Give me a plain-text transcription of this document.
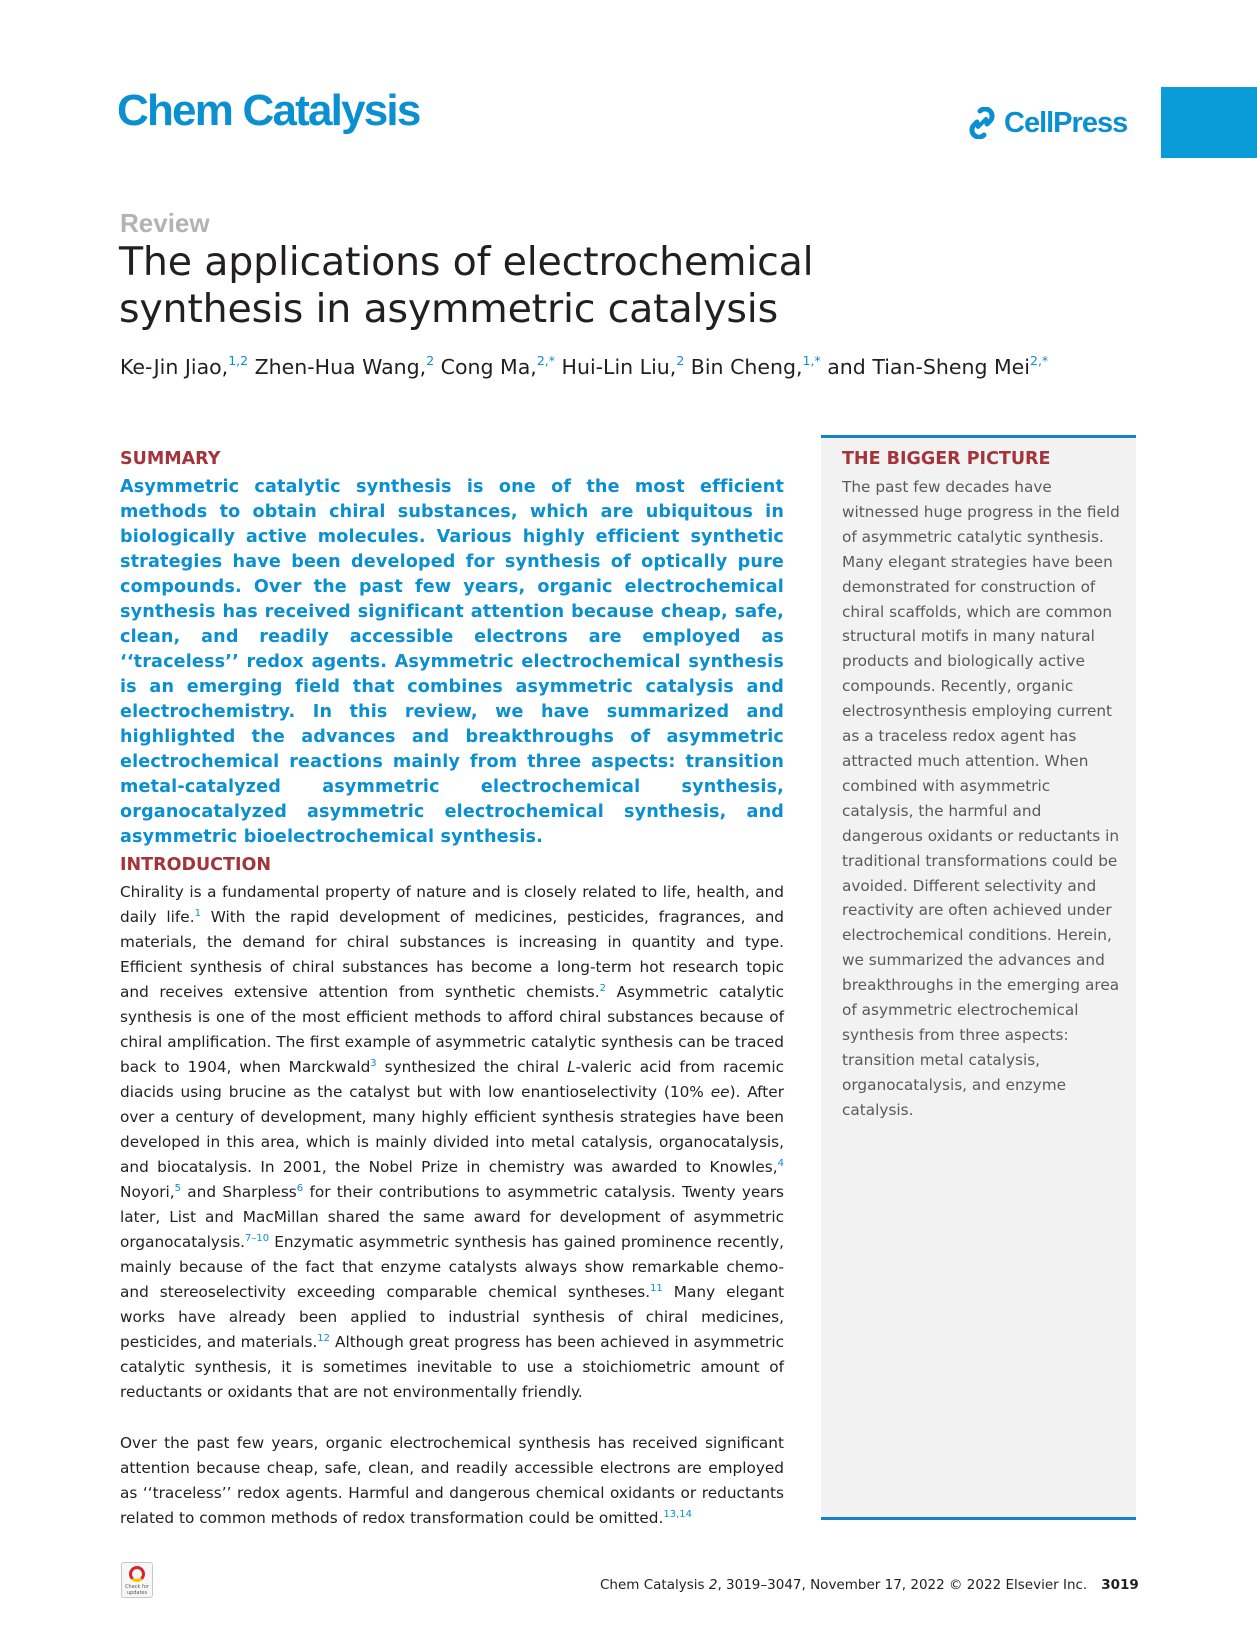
Chem Catalysis	CellPress
Review
The applications of electrochemical
synthesis in asymmetric catalysis
Ke-Jin Jiao,$^{1,2}$ Zhen-Hua Wang,$^2$ Cong Ma,$^{2,*}$ Hui-Lin Liu,$^2$ Bin Cheng,$^{1,*}$ and Tian-Sheng Mei$^{2,*}$
THE BIGGER PICTURE
The past few decades have witnessed huge progress in the field of asymmetric catalytic synthesis. Many elegant strategies have been demonstrated for construction of chiral scaffolds, which are common structural motifs in many natural products and biologically active compounds. Recently, organic electrosynthesis employing current as a traceless redox agent has attracted much attention. When combined with asymmetric catalysis, the harmful and dangerous oxidants or reductants in traditional transformations could be avoided. Different selectivity and reactivity are often achieved under electrochemical conditions. Herein, we summarized the advances and breakthroughs in the emerging area of asymmetric electrochemical synthesis from three aspects: transition metal catalysis, organocatalysis, and enzyme catalysis.
SUMMARY
Asymmetric catalytic synthesis is one of the most efficient methods to obtain chiral substances, which are ubiquitous in biologically active molecules. Various highly efficient synthetic strategies have been developed for synthesis of optically pure compounds. Over the past few years, organic electrochemical synthesis has received significant attention because cheap, safe, clean, and readily accessible electrons are employed as ‘‘traceless’’ redox agents. Asymmetric electrochemical synthesis is an emerging field that combines asymmetric catalysis and electrochemistry. In this review, we have summarized and highlighted the advances and breakthroughs of asymmetric electrochemical reactions mainly from three aspects: transition metal-catalyzed asymmetric electrochemical synthesis, organocatalyzed asymmetric electrochemical synthesis, and asymmetric bioelectrochemical synthesis.
INTRODUCTION
Chirality is a fundamental property of nature and is closely related to life, health, and daily life.$^1$ With the rapid development of medicines, pesticides, fragrances, and materials, the demand for chiral substances is increasing in quantity and type. Efficient synthesis of chiral substances has become a long-term hot research topic and receives extensive attention from synthetic chemists.$^2$ Asymmetric catalytic synthesis is one of the most efficient methods to afford chiral substances because of chiral amplification. The first example of asymmetric catalytic synthesis can be traced back to 1904, when Marckwald$^3$ synthesized the chiral L-valeric acid from racemic diacids using brucine as the catalyst but with low enantioselectivity (10% ee). After over a century of development, many highly efficient synthesis strategies have been developed in this area, which is mainly divided into metal catalysis, organocatalysis, and biocatalysis. In 2001, the Nobel Prize in chemistry was awarded to Knowles,$^4$ Noyori,$^5$ and Sharpless$^6$ for their contributions to asymmetric catalysis. Twenty years later, List and MacMillan shared the same award for development of asymmetric organocatalysis.$^{7-10}$ Enzymatic asymmetric synthesis has gained prominence recently, mainly because of the fact that enzyme catalysts always show remarkable chemo- and stereoselectivity exceeding comparable chemical syntheses.$^{11}$ Many elegant works have already been applied to industrial synthesis of chiral medicines, pesticides, and materials.$^{12}$ Although great progress has been achieved in asymmetric catalytic synthesis, it is sometimes inevitable to use a stoichiometric amount of reductants or oxidants that are not environmentally friendly.
Over the past few years, organic electrochemical synthesis has received significant attention because cheap, safe, clean, and readily accessible electrons are employed as ‘‘traceless’’ redox agents. Harmful and dangerous chemical oxidants or reductants related to common methods of redox transformation could be omitted.$^{13,14}$
Check for updates	Chem Catalysis 2, 3019–3047, November 17, 2022 © 2022 Elsevier Inc. 3019
